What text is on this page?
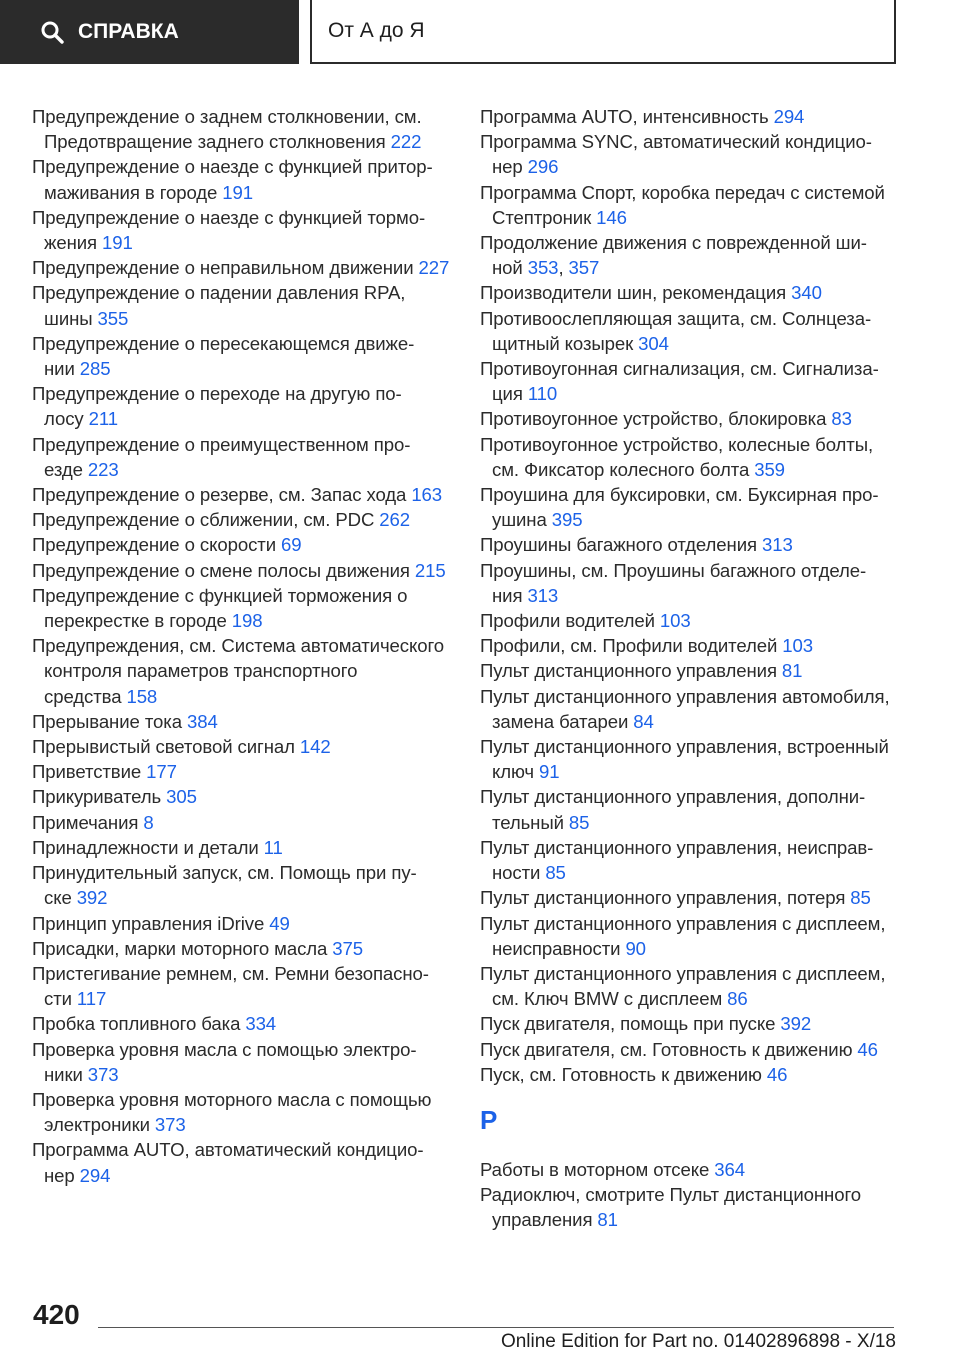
СПРАВКА	От А до Я
Предупреждение о заднем столкновении, см. Предотвращение заднего столкновения 222
Предупреждение о наезде с функцией притормаживания в городе 191
Предупреждение о наезде с функцией торможения 191
Предупреждение о неправильном движении 227
Предупреждение о падении давления RPA, шины 355
Предупреждение о пересекающемся движении 285
Предупреждение о переходе на другую полосу 211
Предупреждение о преимущественном проезде 223
Предупреждение о резерве, см. Запас хода 163
Предупреждение о сближении, см. PDC 262
Предупреждение о скорости 69
Предупреждение о смене полосы движения 215
Предупреждение с функцией торможения о перекрестке в городе 198
Предупреждения, см. Система автоматического контроля параметров транспортного средства 158
Прерывание тока 384
Прерывистый световой сигнал 142
Приветствие 177
Прикуриватель 305
Примечания 8
Принадлежности и детали 11
Принудительный запуск, см. Помощь при пуске 392
Принцип управления iDrive 49
Присадки, марки моторного масла 375
Пристегивание ремнем, см. Ремни безопасности 117
Пробка топливного бака 334
Проверка уровня масла с помощью электроники 373
Проверка уровня моторного масла с помощью электроники 373
Программа AUTO, автоматический кондиционер 294
Программа AUTO, интенсивность 294
Программа SYNC, автоматический кондиционер 296
Программа Спорт, коробка передач с системой Стептроник 146
Продолжение движения с поврежденной шиной 353, 357
Производители шин, рекомендация 340
Противоослепляющая защита, см. Солнцезащитный козырек 304
Противоугонная сигнализация, см. Сигнализация 110
Противоугонное устройство, блокировка 83
Противоугонное устройство, колесные болты, см. Фиксатор колесного болта 359
Проушина для буксировки, см. Буксирная проушина 395
Проушины багажного отделения 313
Проушины, см. Проушины багажного отделения 313
Профили водителей 103
Профили, см. Профили водителей 103
Пульт дистанционного управления 81
Пульт дистанционного управления автомобиля, замена батареи 84
Пульт дистанционного управления, встроенный ключ 91
Пульт дистанционного управления, дополнительный 85
Пульт дистанционного управления, неисправности 85
Пульт дистанционного управления, потеря 85
Пульт дистанционного управления с дисплеем, неисправности 90
Пульт дистанционного управления с дисплеем, см. Ключ BMW с дисплеем 86
Пуск двигателя, помощь при пуске 392
Пуск двигателя, см. Готовность к движению 46
Пуск, см. Готовность к движению 46
Р
Работы в моторном отсеке 364
Радиоключ, смотрите Пульт дистанционного управления 81
420
Online Edition for Part no. 01402896898 - X/18
